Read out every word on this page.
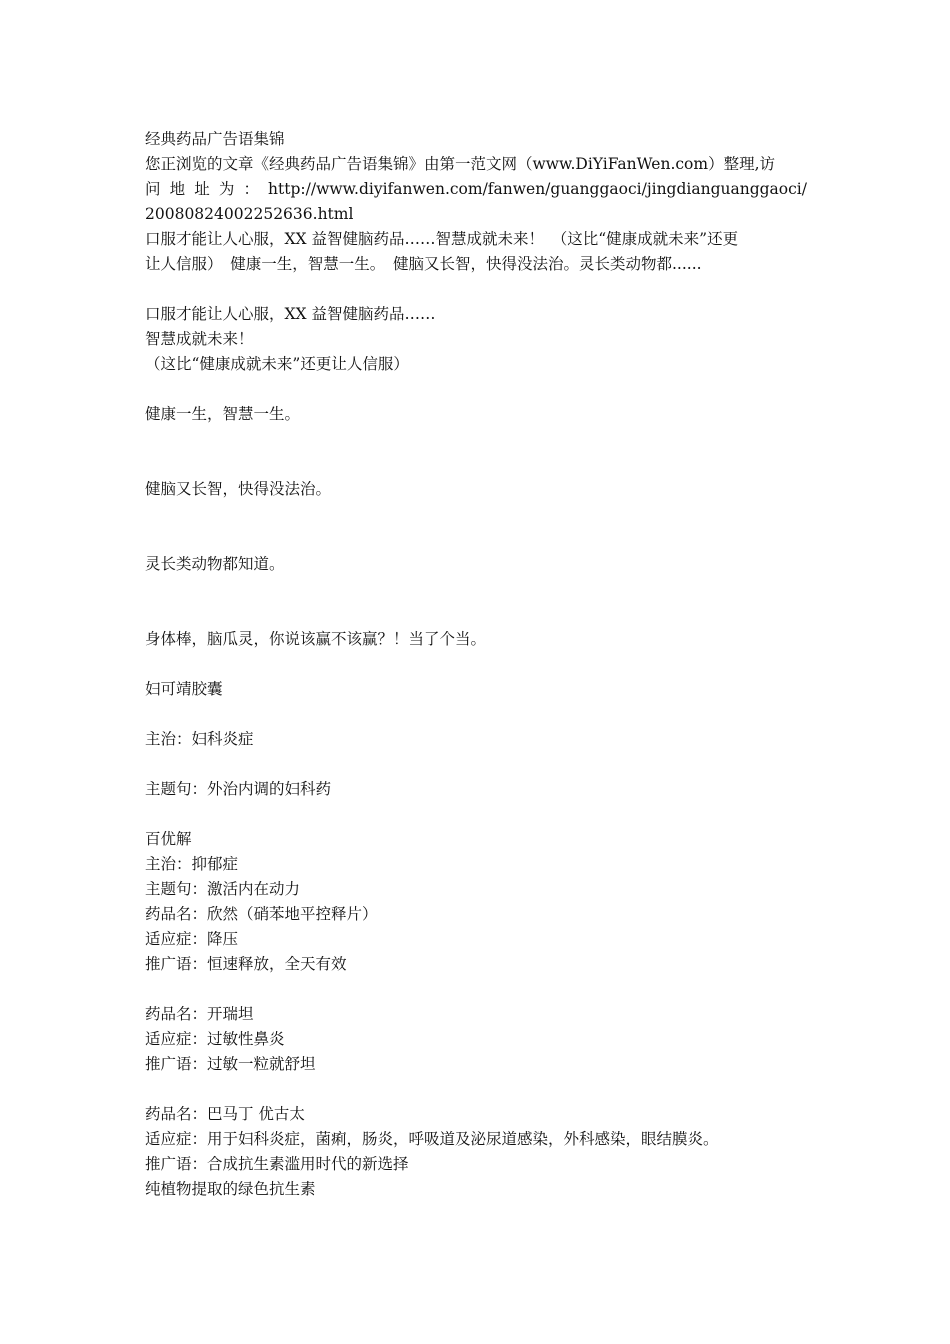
经典药品广告语集锦
您正浏览的文章《经典药品广告语集锦》由第一范文网（www.DiYiFanWen.com）整理,访
问 地 址 为 ： http://www.diyifanwen.com/fanwen/guanggaoci/jingdianguanggaoci/
20080824002252636.html
口服才能让人心服，XX 益智健脑药品……智慧成就未来！　（这比“健康成就未来”还更
让人信服）　健康一生，智慧一生。　健脑又长智，快得没法治。灵长类动物都......
口服才能让人心服，XX 益智健脑药品……
智慧成就未来！
（这比“健康成就未来”还更让人信服）
健康一生，智慧一生。
健脑又长智，快得没法治。
灵长类动物都知道。
身体棒，脑瓜灵，你说该赢不该赢？！当了个当。
妇可靖胶囊
主治：妇科炎症
主题句：外治内调的妇科药
百优解
主治：抑郁症
主题句：激活内在动力
药品名：欣然（硝苯地平控释片）
适应症：降压
推广语：恒速释放，全天有效
药品名：开瑞坦
适应症：过敏性鼻炎
推广语：过敏一粒就舒坦
药品名：巴马丁 优古太
适应症：用于妇科炎症，菌痢，肠炎，呼吸道及泌尿道感染，外科感染，眼结膜炎。
推广语：合成抗生素滥用时代的新选择
纯植物提取的绿色抗生素
